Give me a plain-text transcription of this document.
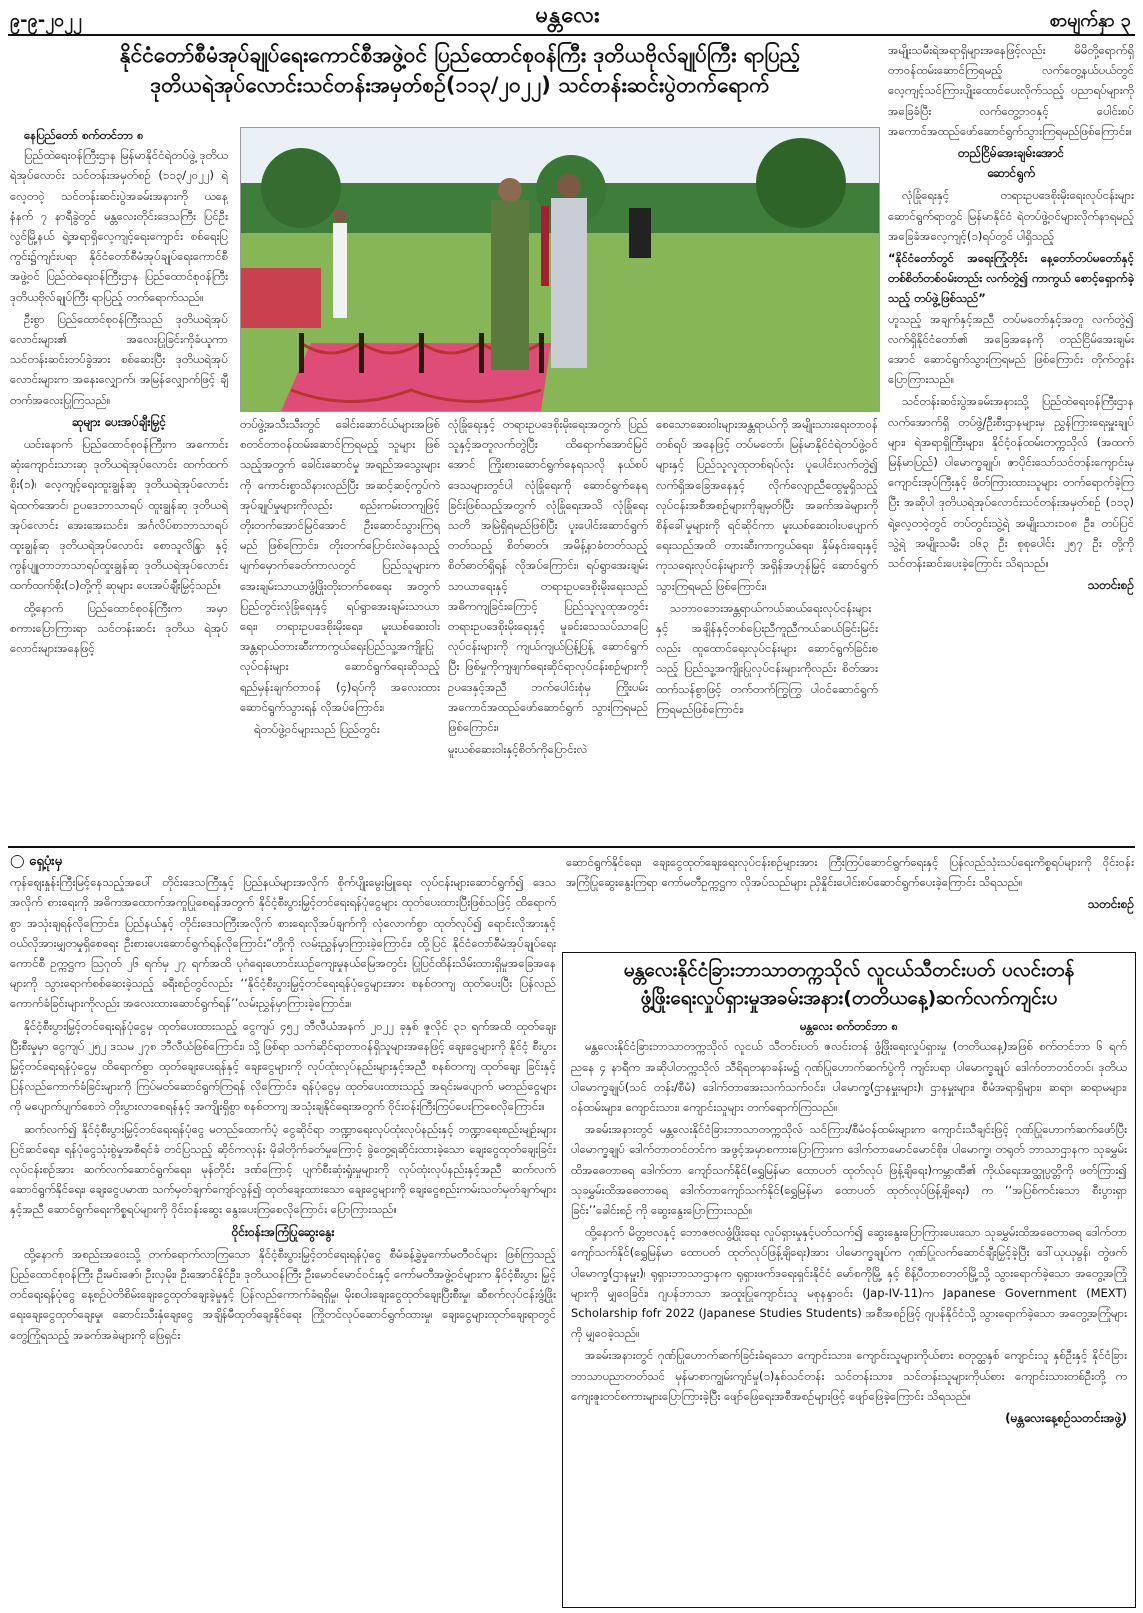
၉-၉-၂၀၂၂	မန္တလေး	စာမျက်နှာ ၃
နိုင်ငံတော်စီမံအုပ်ချုပ်ရေးကောင်စီအဖွဲ့ဝင် ပြည်ထောင်စုဝန်ကြီး ဒုတိယဗိုလ်ချုပ်ကြီး ရာပြည့်
ဒုတိယရဲအုပ်လောင်းသင်တန်းအမှတ်စဉ်(၁၁၃/၂၀၂၂) သင်တန်းဆင်းပွဲတက်ရောက်
နေပြည်တော် စက်တင်ဘာ ၈

ပြည်ထဲရေးဝန်ကြီးဌာန မြန်မာနိုင်ငံရဲတပ်ဖွဲ့ ဒုတိယရဲအုပ်လောင်း သင်တန်းအမှတ်စဉ် (၁၁၃/၂၀၂၂) ရဲ့လေ့တဝဲ့ သင်တန်းဆင်းပွဲအခမ်းအနားကို ယနေ့ နံနက် ၇ နာရီခွဲတွင် မန္တလေးတိုင်းဒေသကြီး ပြင်ဦးလွင်မြို့နယ် ရဲ့အရာရှိလေ့ကျင့်ရေးကျောင်း စစ်ရေးပြကွင်း၌ကျင်းပရာ နိုင်ငံတော်စီမံအုပ်ချုပ်ရေးကောင်စီအဖွဲ့ဝင် ပြည်ထဲရေးဝန်ကြီးဌာန ပြည်ထောင်စုဝန်ကြီး ဒုတိယဗိုလ်ချုပ်ကြီး ရာပြည့် တက်ရောက်သည်။

ဦးစွာ ပြည်ထောင်စုဝန်ကြီးသည် ဒုတိယရဲအုပ်လောင်းများ၏ အလေးပြုခြင်းကိုခံယူကာ သင်တန်းဆင်းတပ်ခွဲအား စစ်ဆေးပြီး ဒုတိယရဲအုပ်လောင်းများက အနေးလျှောက်၊ အမြန်လျှောက်ဖြင့် ချီတက်အလေးပြုကြသည်။

ဆုများ ပေးအပ်ချီးမြှင့်

ယင်းနောက် ပြည်ထောင်စုဝန်ကြီးက အကောင်းဆုံးကျောင်းသားဆု ဒုတိယရဲအုပ်လောင်း ထက်ထက်စိုး(၁)၊ လေ့ကျင့်ရေးထူးချွန်ဆု ဒုတိယရဲအုပ်လောင်း ရဲထက်အောင်၊ ဥပဒေဘာသာရပ် ထူးချွန်ဆု ဒုတိယရဲအုပ်လောင်း အေးအေးသင်း၊ အင်္ဂလိပ်စာဘာသာရပ်ထူးချွန်ဆု ဒုတိယရဲအုပ်လောင်း စောသူလိန္ဒြာ နှင့် ကွန်ပျူတာဘာသာရပ်ထူးချွန်ဆု ဒုတိယရဲအုပ်လောင်း ထက်ထက်စိုး(၁)တို့ကို ဆုများ ပေးအပ်ချီးမြှင့်သည်။

ထို့နောက် ပြည်ထောင်စုဝန်ကြီးက အမှာစကားပြောကြားရာ သင်တန်းဆင်း ဒုတိယ ရဲအုပ်လောင်းများအနေဖြင့်

တပ်ဖွဲ့အသီးသီးတွင် ခေါင်းဆောင်ယ်များအဖြစ် စတင်တာဝန်ထမ်းဆောင်ကြရမည့် သူများ ဖြစ်သည့်အတွက် ခေါင်းဆောင်မှု အရည်အသွေးများကို ကောင်းစွာသိနားလည်ပြီး အဆင့်ဆင့်ကွပ်ကဲအုပ်ချုပ်မှုများကိုလည်း စည်းကမ်းတကျဖြင့် တိုးတက်အောင်မြင်အောင် ဦးဆောင်သွားကြရမည် ဖြစ်ကြောင်း၊ တိုးတက်ပြောင်းလဲနေသည့် မျက်မှောက်ခေတ်ကာလတွင် ပြည်သူများက အေးချမ်းသာယာဖွံ့ဖြိုးတိုးတက်စေရေး အတွက် ပြည်တွင်းလုံခြုံရေးနှင့် ရပ်ရွာအေးချမ်းသာယာရေး၊ တရားဥပဒေစိုးမိုးရေး၊ မူးယစ်ဆေးဝါးအန္တရာယ်တားဆီးကာကွယ်ရေးပြည်သူ့အကျိုးပြုလုပ်ငန်းများ ဆောင်ရွက်ရေးဆိုသည့် ရည်မှန်းချက်တာဝန် (၄)ရပ်ကို အလေးထား ဆောင်ရွက်သွားရန် လိုအပ်ကြောင်း၊

ရဲတပ်ဖွဲ့ဝင်များသည် ပြည်တွင်း

လုံခြုံရေးနှင့် တရားဥပဒေစိုးမိုးရေးအတွက် ပြည်သူနှင့်အတူလက်တွဲပြီး ထိရောက်အောင်မြင်အောင် ကြိုးစားဆောင်ရွက်နေရသလို နယ်စပ်ဒေသများတွင်ပါ လုံခြုံရေးကို ဆောင်ရွက်နေရ ခြင်းဖြစ်သည့်အတွက် လုံခြုံရေးအသိ လုံခြုံရေးသတိ အမြဲရှိရမည်ဖြစ်ပြီး ပူးပေါင်းဆောင်ရွက်တတ်သည့် စိတ်ဓာတ်၊ အမိန့်နာခံတတ်သည့်စိတ်ဓာတ်ရှိရန် လိုအပ်ကြောင်း၊ ရပ်ရွာအေးချမ်းသာယာရေးနှင့် တရားဥပဒေစိုးမိုးရေးသည် အဓိကကျခြင်းကြောင့် ပြည်သူလူထုအတွင်း တရားဥပဒေစိုးမိုးရေးနှင့် မူခင်းသေသပ်သာပြေ လုပ်ငန်းများကို ကျယ်ကျယ်ပြန့်ပြန့် ဆောင်ရွက်ပြီး ဖြစ်မှုကိုကျဖျက်ရေးဆိုင်ရာလုပ်ငန်းစဉ်များကို ဥပဒေနှင့်အညီ ဘက်ပေါင်းစုံမှ ကြိုးပမ်းအကောင်အထည်ဖော်ဆောင်ရွက် သွားကြရမည်ဖြစ်ကြောင်း၊

မူးယစ်ဆေးဝါးနှင့်စိတ်ကိုပြောင်းလဲ

စေသောဆေးဝါးများအန္တရာယ်ကို အမျိုးသားရေးတာဝန်တစ်ရပ် အနေဖြင့် တပ်မတော်၊ မြန်မာနိုင်ငံရဲတပ်ဖွဲ့ဝင်များနှင့် ပြည်သူလူထုတစ်ရပ်လုံး ပူပေါင်းလက်တွဲ၍ လက်ရှိအခြေအနေနှင့် လိုက်လျောညီထွေမှုရှိသည့် လုပ်ငန်းအစီအစဉ်များကိုချမှတ်ပြီး အခက်အခဲများကို စိန်ခေါ်မှုများကို ရင်ဆိုင်ကာ မူးယစ်ဆေးဝါးပပျောက်ရေးသည်အထိ တားဆီးကာကွယ်ရေး၊ နှိမ်နင်းရေးနှင့် ကုသရေးလုပ်ငန်းများကို အရှိန်အဟုန်မြှင့် ဆောင်ရွက်သွားကြရမည် ဖြစ်ကြောင်း၊

သဘာဝဘေးအန္တရာယ်ကယ်ဆယ်ရေးလုပ်ငန်းများနှင့် အချိန်နှင့်တစ်ပြေးညီကူညီကယ်ဆယ်ခြင်းမြင်းလည်း ထူထောင်ရေးလုပ်ငန်းများ ဆောင်ရွက်ခြင်းစသည့် ပြည်သူ့အကျိုးပြုလုပ်ငန်းများကိုလည်း စိတ်အားထက်သန်စွာဖြင့် တက်တက်ကြွကြွ ပါဝင်ဆောင်ရွက်ကြရမည်ဖြစ်ကြောင်း၊

အမျိုးသမီးရဲအရာရှိများအနေဖြင့်လည်း မိမိတို့ရောက်ရှိတာဝန်ထမ်းဆောင်ကြရမည့် လက်တွေ့နယ်ပယ်တွင် လေ့ကျင့်သင်ကြားပျိုးထောင်ပေးလိုက်သည့် ပညာရပ်များကိုအခြေခံပြီး လက်တွေ့ဘဝနှင့် ပေါင်းစပ်အကောင်အထည်ဖော်ဆောင်ရွက်သွားကြရမည်ဖြစ်ကြောင်း။

တည်ငြိမ်အေးချမ်းအောင်
ဆောင်ရွက်

လုံခြုံရေးနှင့် တရားဥပဒေစိုးမိုးရေးလုပ်ငန်းများ ဆောင်ရွက်ရာတွင် မြန်မာနိုင်ငံ ရဲတပ်ဖွဲ့ဝင်များလိုက်နာရမည့် အခြေခံအလေ့ကျင့်(၁)ရပ်တွင် ပါရှိသည့်

“နိုင်ငံတော်တွင် အရေးကြုံတိုင်း နေ့တော်တပ်မတော်နှင့် တစ်စိတ်တစ်ဝမ်းတည်း လက်တွဲ၍ ကာကွယ် စောင့်ရှောက်ခဲ့သည့် တပ်ဖွဲ့ဖြစ်သည်”

ဟူသည့် အချက်နှင့်အညီ တပ်မတော်နှင့်အတူ လက်တွဲ၍ လက်ရှိနိုင်ငံတော်၏ အခြေအနေကို တည်ငြိမ်အေးချမ်းအောင် ဆောင်ရွက်သွားကြရမည် ဖြစ်ကြောင်း တိုက်တွန်းပြောကြားသည်။

သင်တန်းဆင်းပွဲအခမ်းအနားသို့ ပြည်ထဲရေးဝန်ကြီးဌာနလက်အောက်ရှိ တပ်ဖွဲ့/ဦးစီးဌာနများမှ ညွှန်ကြားရေးမှူးချုပ်များ၊ ရဲအရာရှိကြီးများ၊ နိုင်ငံ့ဝန်ထမ်းတက္ကသိုလ် (အထက်မြန်မာပြည်) ပါမောက္ခချုပ်၊ ဇာပိုင်းသော်သင်တန်းကျောင်းမှ ကျောင်းအုပ်ကြီးနှင့် ဖိတ်ကြားထားသူများ တက်ရောက်ခဲ့ကြပြီး အဆိုပါ ဒုတိယရဲအုပ်လောင်းသင်တန်းအမှတ်စဉ် (၁၁၃) ရဲ့လေ့တဝဲ့တွင် တပ်တွင်းသွဲ့ရဲ အမျိုးသား၁၀၈ ဦး၊ တပ်ပြင်သွဲ့ရဲ အမျိုးသမီး ၁၆၃ ဦး စုစုပေါင်း ၂၅၇ ဦး တို့ကို သင်တန်းဆင်းပေးခဲ့ကြောင်း သိရသည်။

သတင်းစဉ်
◯ ရှေ့ပုံးမှ

ကုန်ဈေးနှုန်းကြီးမြင့်နေသည့်အပေါ် တိုင်းဒေသကြီးနှင့် ပြည်နယ်များအလိုက် စိုက်ပျိုးမွေးမြူရေး လုပ်ငန်းများဆောင်ရွက်၍ ဒေသအလိုက် စားရေးကို အဓိကအထောက်အကူပြုစေရန်အတွက် နိုင်ငံ့စီးပွားမြှင့်တင်ရေးရန်ပုံငွေများ ထုတ်ပေးထားပြီးဖြစ်သဖြင့် ထိရောက်စွာ အသုံးချရန်လိုကြောင်း၊ ပြည်နယ်နှင့် တိုင်းဒေသကြီးအလိုက် စားရေးလိုအပ်ချက်ကို လုံလောက်စွာ ထုတ်လုပ်၍ ရောင်းလိုအားနှင့် ဝယ်လိုအားမျှတမှုရှိစေရေး ဦးစားပေးဆောင်ရွက်ရန်လိုကြောင်း“တို့ကို လမ်းညွှန်မှာကြားခဲ့ကြောင်း၊ ထို့ပြင် နိုင်ငံတော်စီမံအုပ်ချုပ်ရေးကောင်စီ ဥက္ကဋ္ဌက ဩဂုတ် ၂၆ ရက်မှ ၂၇ ရက်အထိ ပုဂံရေးဟောင်းယဉ်ကျေးမှုနယ်မြေအတွင်း ပြုပြင်ထိန်းသိမ်းထားရှိမှုအခြေအနေများကို သွားရောက်စစ်ဆေးခဲ့သည့် ခရီးစဉ်တွင်လည်း ‘‘နိုင်ငံ့စီးပွားမြှင့်တင်ရေးရန်ပုံငွေများအား စနစ်တကျ ထုတ်ပေးပြီး ပြန်လည်ကောက်ခံခြင်းများကိုလည်း အလေးထားဆောင်ရွက်ရန်’’လမ်းညွှန်မှာကြားခဲ့ကြောင်း။

နိုင်ငံ့စီးပွားမြှင့်တင်ရေးရန်ပုံငွေမှ ထုတ်ပေးထားသည့် ငွေကျပ် ၄၅၂ ဘီလီယံအနက် ၂၀၂၂ ခုနှစ် ဇူလိုင် ၃၁ ရက်အထိ ထုတ်ချေး ပြီးစီးမှုမှာ ငွေကျပ် ၂၅၂ ဒသမ ၂၇၈ ဘီလီယံဖြစ်ကြောင်း၊ သို့ ဖြစ်ရာ သက်ဆိုင်ရာတာဝန်ရှိသူများအနေဖြင့် ချေးငွေများကို နိုင်ငံ့ စီးပွားမြှင့်တင်ရေးရန်ပုံငွေမှ ထိရောက်စွာ ထုတ်ချေးပေးရန်နှင့် ချေးငွေများကို လုပ်ထုံးလုပ်နည်းများနှင့်အညီ စနစ်တကျ ထုတ်ချေး ခြင်းနှင့် ပြန်လည်ကောက်ခံခြင်းများကို ကြပ်မတ်ဆောင်ရွက်ကြရန် လိုကြောင်း၊ ရန်ပုံငွေမှ ထုတ်ပေးထားသည့် အရင်းမပျောက် မတည်ငွေများကို မပျောက်ပျက်စေဘဲ တိုးပွားလာစေရန်နှင့် အကျိုးရှိစွာ စနစ်တကျ အသုံးချနိုင်ရေးအတွက် ဝိုင်းဝန်းကြီးကြပ်ပေးကြစေလိုကြောင်း။

ဆက်လက်၍ နိုင်ငံ့စီးပွားမြှင့်တင်ရေးရန်ပုံငွေ မတည်ထောက်ပံ့ ငွေဆိုင်ရာ ဘဏ္ဍာရေးလုပ်ထုံးလုပ်နည်းနှင့် ဘဏ္ဍာရေးစည်းမျဉ်းများ ပြင်ဆင်ရေး၊ ရန်ပုံငွေသုံးစွဲမှုအစီရင်ခံ တင်ပြသည့် ဆိုင်ကလုန်း မိုခါတိုက်ခတ်မှုကြောင့် ခွဲတွေ့ရဆိုင်းထားခဲ့သော ချေးငွေထုတ်ချေးခြင်းလုပ်ငန်းစဉ်အား ဆက်လက်ဆောင်ရွက်ရေး၊ မုန်တိုင်း ဒဏ်ကြောင့် ပျက်စီးဆုံးရှုံးမှုများကို လုပ်ထုံးလုပ်နည်းနှင့်အညီ ဆက်လက်ဆောင်ရွက်နိုင်ရေး၊ ချေးငွေပမာဏ သက်မှတ်ချက်ကျော်လွန်၍ ထုတ်ချေးထားသော ချေးငွေများကို ချေးငွေစည်းကမ်းသတ်မှတ်ချက်များနှင့်အညီ ဆောင်ရွက်ရေးကိစ္စရပ်များကို ဝိုင်းဝန်းဆွေး နွေးပေးကြစေလိုကြောင်း ပြောကြားသည်။

ဝိုင်းဝန်းအကြံပြုဆွေးနွေး

ထို့နောက် အစည်းအဝေးသို့ တက်ရောက်လာကြသော နိုင်ငံ့စီးပွားမြှင့်တင်ရေးရန်ပုံငွေ စီမံခန့်ခွဲမှုကော်မတီဝင်များ ဖြစ်ကြသည့် ပြည်ထောင်စုဝန်ကြီး ဦးမင်းဇော်၊ ဦးလှမိုး၊ ဦးအောင်နိုင်ဦး၊ ဒုတိယဝန်ကြီး ဦးမောင်မောင်ဝင်းနှင့် ကော်မတီအဖွဲ့ဝင်များက နိုင်ငံ့စီးပွား မြှင့်တင်ရေးရန်ပုံငွေ နေ့စဉ်ပဲတိစိမ်းချေးငွေထုတ်ချေးခဲ့မှုနှင့် ပြန်လည်ကောက်ခံရရှိမှု၊ မိုးစပါးချေးငွေထုတ်ချေးပြီးစီးမှု၊ ဆီစက်လုပ်ငန်းဖွံ့ဖြိုးရေးချေးငွေထုတ်ချေးမှု၊ ဆောင်းသီးနှံချေးငွေ အချိန်မီထုတ်ချေးနိုင်ရေး ကြိုတင်လုပ်ဆောင်ရွက်ထားမှု၊ ချေးငွေများထုတ်ချေးရာတွင် တွေ့ကြုံရသည့် အခက်အခဲများကို ဖြေရှင်း

ဆောင်ရွက်နိုင်ရေး၊ ချေးငွေထုတ်ချေးရေးလုပ်ငန်းစဉ်များအား ကြီးကြပ်ဆောင်ရွက်ရေးနှင့် ပြန်လည်သုံးသပ်ရေးကိစ္စရပ်များကို ဝိုင်းဝန်းအကြံပြုဆွေးနွေးကြရာ ကော်မတီဥက္ကဋ္ဌက လိုအပ်သည်များ ညှိနှိုင်းပေါင်းစပ်ဆောင်ရွက်ပေးခဲ့ကြောင်း သိရသည်။

သတင်းစဉ်
မန္တလေးနိုင်ငံခြားဘာသာတက္ကသိုလ် လူငယ်သီတင်းပတ် ပလင်းတန်
ဖွံ့ဖြိုးရေးလှုပ်ရှားမှုအခမ်းအနား(တတိယနေ့)ဆက်လက်ကျင်းပ
မန္တလေး စက်တင်ဘာ ၈

မန္တလေးနိုင်ငံခြားဘာသာတက္ကသိုလ် လူငယ် သီတင်းပတ် ဇလင်းတန် ဖွံ့ဖြိုးရေးလှုပ်ရှားမှု (တတိယနေ့)အဖြစ် စက်တင်ဘာ ၆ ရက် ညနေ ၄ နာရီက အဆိုပါတက္ကသိုလ် သီရိရတနာခန်းမ၌ ဂုဏ်ပြုဟောက်ဆက်ပွဲကို ကျင်းပရာ ပါမောက္ခချုပ် ဒေါက်တာတင်တင်၊ ဒုတိယပါမောက္ခချုပ်(သင် တန်း/စီမံ) ဒေါက်တာအေးသက်သက်ဝင်း၊ ပါမောက္ခ(ဌာနမှူးများ)၊ ဌာနမှူးများ၊ စီမံအရာရှိများ၊ ဆရာ၊ ဆရာမများ၊ ဝန်ထမ်းများ၊ ကျောင်းသား၊ ကျောင်းသူများ တက်ရောက်ကြသည်။

အခမ်းအနားတွင် မန္တလေးနိုင်ငံခြားဘာသာတက္ကသိုလ် သင်ကြား/စီမံဝန်ထမ်းများက ကျောင်းသီချင်းဖြင့် ဂုဏ်ပြုဟောက်ဆက်ဖော်ပြီး ပါမောက္ခချုပ် ဒေါက်တာတင်တင်က အဖွင့်အမှာစကားပြောကြားက ဒေါက်တာမောင်မောင်စိုး၊ ပါမောက္ခ၊ တရုတ် ဘာသာဌာနက သုခမွှမ်းထိအဓေတာဓရ ဒေါက်တာ ကျော်သက်နိုင်(ရွှေမြန်မာ ထောပတ် ထုတ်လုပ် ဖြန့်ချိရေး)ကမ္ဘာဏီ၏ ကိုယ်ရေးအတ္ထုပ္ပတ္တိကို ဖတ်ကြား၍ သုခမွှမ်းထိအဓေတာဓရ ဒေါက်တာကျော်သက်နိုင်(ရွှေမြန်မာ ထောပတ် ထုတ်လုပ်ဖြန့်ချိရေး) က ‘‘အပြစ်ကင်းသော စီးပွားရှာခြင်း’’ခေါင်းစဉ် ကို ဆွေးနွေးပြောကြားသည်။

ထို့နောက် မိတ္တဗလနှင့် ဘောဇဗလဖွံ့ဖြိုးရေး လှုပ်ရှားမှုနှင့်ပတ်သက်၍ ဆွေးနွေးပြောကြားပေးသော သုခမွှမ်းထိအဓေတာဓရ ဒေါက်တာကျော်သက်နိုင်(ရွှေမြန်မာ ထောပတ် ထုတ်လုပ်ဖြန့်ချိရေး)အား ပါမောက္ခချုပ်က ဂုဏ်ပြုလက်ဆောင်ချီးမြှင့်ခဲ့ပြီး ဒေါ်ယုယုမွန်၊ တွဲဖက်ပါမောက္ခ(ဌာနမှူး)၊ ရုရှားဘာသာဌာနက ရုရှားဖက်ဒရေးရှင်းနိုင်ငံ မော်စကိုမြို့ နှင့် စိန့်ပီတာစဘတ်မြို့သို့ သွားရောက်ခဲ့သော အတွေ့အကြုံများကို မျှဝေခြင်း၊ ဂျပန်ဘာသာ အထူးပြုကျောင်းသူ မစုနန္ဒာဝင်း (Jap-IV-11)က Japanese Government (MEXT) Scholarship fofr 2022 (Japanese Studies Students) အစီအစဉ်ဖြင့် ဂျပန်နိုင်ငံသို့ သွားရောက်ခဲ့သော အတွေ့အကြုံများကို မျှဝေခဲ့သည်။

အခမ်းအနားတွင် ဂုဏ်ပြုဟောက်ဆက်ခြင်းခံရသော ကျောင်းသား၊ ကျောင်းသူများကိုယ်စား စတုတ္ထနှစ် ကျောင်းသူ နှစ်ဦးနှင့် နိုင်ငံခြားဘာသာပညာတတ်သင် မှန်မာစာကျွမ်းကျင်မှု(၁)နှစ်သင်တန်း သင်တန်းသား၊ သင်တန်းသူများကိုယ်စား ကျောင်းသားတစ်ဦးတို့ က ကျေးဇူးတင်စကားများပြောကြားခဲ့ပြီး ဖျော်ဖြေရေးအစီအစဉ်များဖြင့် ဖျော်ဖြေခဲ့ကြောင်း သိရသည်။

(မန္တလေးနေ့စဉ်သတင်းအဖွဲ့)
